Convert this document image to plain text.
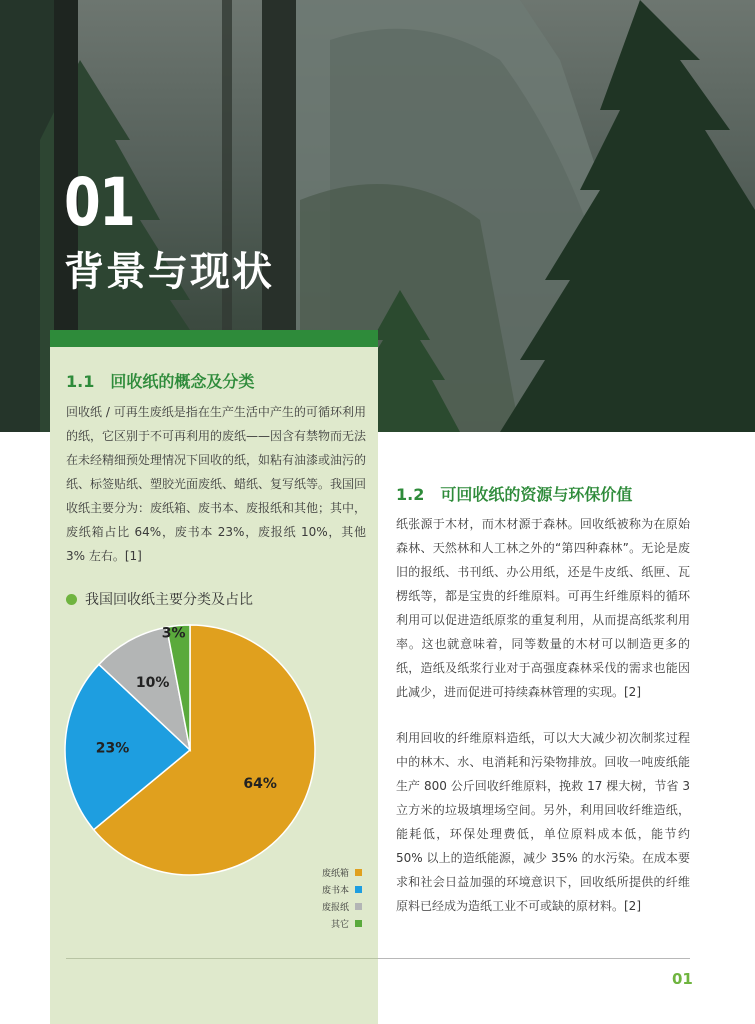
01
背景与现状
1.1　回收纸的概念及分类

回收纸 / 可再生废纸是指在生产生活中产生的可循环利用的纸，它区别于不可再利用的废纸——因含有禁物而无法在未经精细预处理情况下回收的纸，如粘有油漆或油污的纸、标签贴纸、塑胶光面废纸、蜡纸、复写纸等。我国回收纸主要分为：废纸箱、废书本、废报纸和其他；其中，废纸箱占比 64%，废书本 23%，废报纸 10%，其他 3% 左右。[1]

我国回收纸主要分类及占比
64%
23%
10%
3%
废纸箱
废书本
废报纸
其它
1.2　可回收纸的资源与环保价值

纸张源于木材，而木材源于森林。回收纸被称为在原始森林、天然林和人工林之外的“第四种森林”。无论是废旧的报纸、书刊纸、办公用纸，还是牛皮纸、纸匣、瓦楞纸等，都是宝贵的纤维原料。可再生纤维原料的循环利用可以促进造纸原浆的重复利用，从而提高纸浆利用率。这也就意味着，同等数量的木材可以制造更多的纸，造纸及纸浆行业对于高强度森林采伐的需求也能因此减少，进而促进可持续森林管理的实现。[2]

利用回收的纤维原料造纸，可以大大减少初次制浆过程中的林木、水、电消耗和污染物排放。回收一吨废纸能生产 800 公斤回收纤维原料，挽救 17 棵大树，节省 3 立方米的垃圾填埋场空间。另外，利用回收纤维造纸，能耗低，环保处理费低，单位原料成本低，能节约 50% 以上的造纸能源，减少 35% 的水污染。在成本要求和社会日益加强的环境意识下，回收纸所提供的纤维原料已经成为造纸工业不可或缺的原材料。[2]

01
